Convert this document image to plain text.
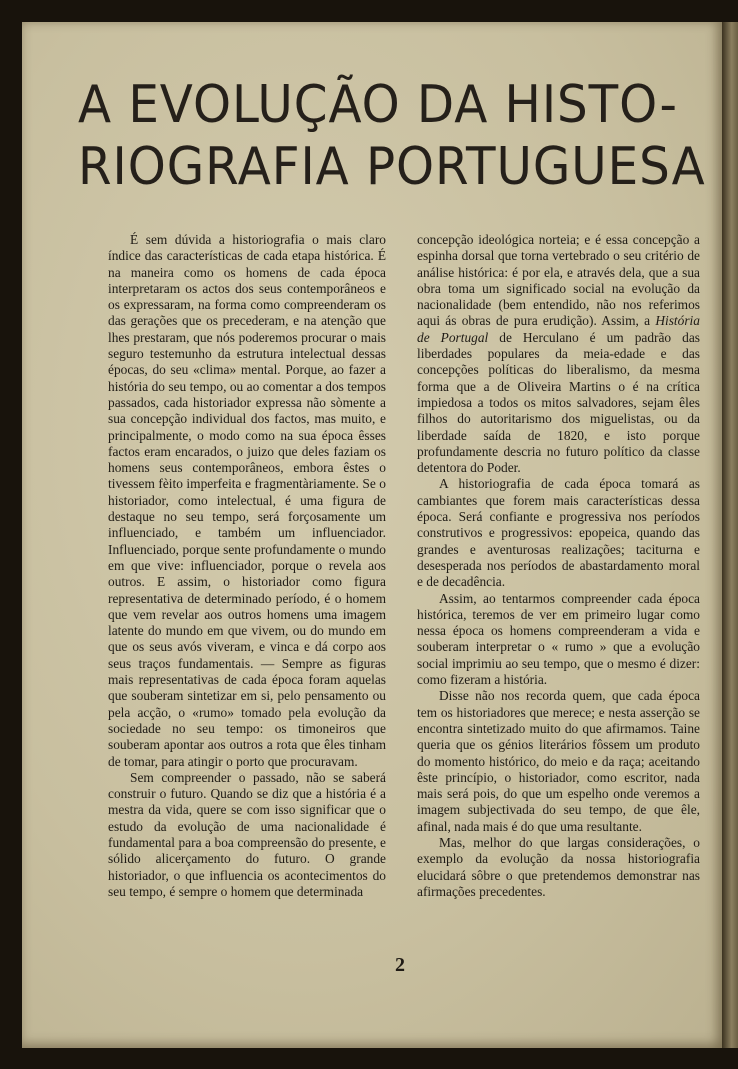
A EVOLUÇÃO DA HISTO-
RIOGRAFIA PORTUGUESA

É sem dúvida a historiografia o mais claro índice das características de cada etapa histórica. É na maneira como os homens de cada época interpretaram os actos dos seus contemporâneos e os expressaram, na forma como compreenderam os das gerações que os precederam, e na atenção que lhes prestaram, que nós poderemos procurar o mais seguro testemunho da estrutura intelectual dessas épocas, do seu «clima» mental. Porque, ao fazer a história do seu tempo, ou ao comentar a dos tempos passados, cada historiador expressa não sòmente a sua concepção individual dos factos, mas muito, e principalmente, o modo como na sua época êsses factos eram encarados, o juizo que deles faziam os homens seus contemporâneos, embora êstes o tivessem fèito imperfeita e fragmentàriamente. Se o historiador, como intelectual, é uma figura de destaque no seu tempo, será forçosamente um influenciado, e também um influenciador. Influenciado, porque sente profundamente o mundo em que vive: influenciador, porque o revela aos outros. E assim, o historiador como figura representativa de determinado período, é o homem que vem revelar aos outros homens uma imagem latente do mundo em que vivem, ou do mundo em que os seus avós viveram, e vinca e dá corpo aos seus traços fundamentais. — Sempre as figuras mais representativas de cada época foram aquelas que souberam sintetizar em si, pelo pensamento ou pela acção, o «rumo» tomado pela evolução da sociedade no seu tempo: os timoneiros que souberam apontar aos outros a rota que êles tinham de tomar, para atingir o porto que procuravam.

Sem compreender o passado, não se saberá construir o futuro. Quando se diz que a história é a mestra da vida, quere se com isso significar que o estudo da evolução de uma nacionalidade é fundamental para a boa compreensão do presente, e sólido alicerçamento do futuro. O grande historiador, o que influencia os acontecimentos do seu tempo, é sempre o homem que determinada

concepção ideológica norteia; e é essa concepção a espinha dorsal que torna vertebrado o seu critério de análise histórica: é por ela, e através dela, que a sua obra toma um significado social na evolução da nacionalidade (bem entendido, não nos referimos aqui ás obras de pura erudição). Assim, a História de Portugal de Herculano é um padrão das liberdades populares da meia-edade e das concepções políticas do liberalismo, da mesma forma que a de Oliveira Martins o é na crítica impiedosa a todos os mitos salvadores, sejam êles filhos do autoritarismo dos miguelistas, ou da liberdade saída de 1820, e isto porque profundamente descria no futuro político da classe detentora do Poder.

A historiografia de cada época tomará as cambiantes que forem mais características dessa época. Será confiante e progressiva nos períodos construtivos e progressivos: epopeica, quando das grandes e aventurosas realizações; taciturna e desesperada nos períodos de abastardamento moral e de decadência.

Assim, ao tentarmos compreender cada época histórica, teremos de ver em primeiro lugar como nessa época os homens compreenderam a vida e souberam interpretar o « rumo » que a evolução social imprimiu ao seu tempo, que o mesmo é dizer: como fizeram a história.

Disse não nos recorda quem, que cada época tem os historiadores que merece; e nesta asserção se encontra sintetizado muito do que afirmamos. Taine queria que os génios literários fôssem um produto do momento histórico, do meio e da raça; aceitando êste princípio, o historiador, como escritor, nada mais será pois, do que um espelho onde veremos a imagem subjectivada do seu tempo, de que êle, afinal, nada mais é do que uma resultante.

Mas, melhor do que largas considerações, o exemplo da evolução da nossa historiografia elucidará sôbre o que pretendemos demonstrar nas afirmações precedentes.

2
